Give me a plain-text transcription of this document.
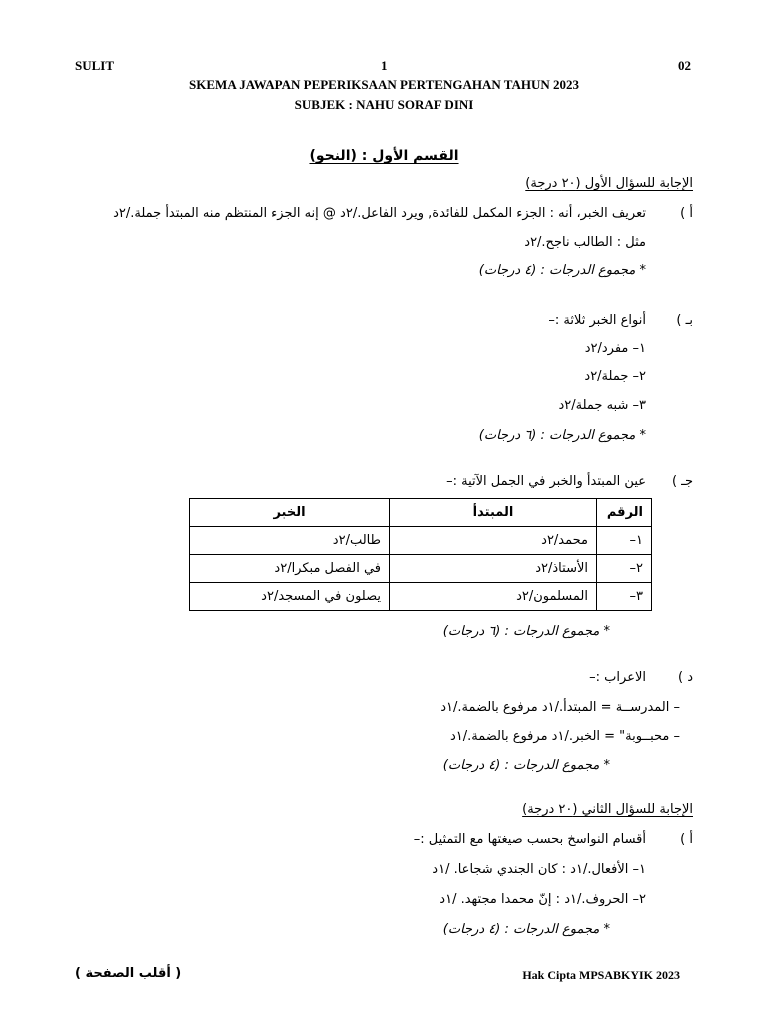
SULIT	1	02
SKEMA JAWAPAN PEPERIKSAAN PERTENGAHAN TAHUN 2023
SUBJEK : NAHU SORAF DINI
القسم الأول : (النحو)
الإجابة للسؤال الأول (٢٠ درجة)
أ )
تعريف الخبر، أنه : الجزء المكمل للفائدة, ويرد الفاعل./٢د @ إنه الجزء المنتظم منه المبتدأ جملة./٢د
مثل : الطالب ناجح./٢د
* مجموع الدرجات : (٤ درجات)
بـ )
أنواع الخبر ثلاثة :–
١– مفرد/٢د
٢– جملة/٢د
٣– شبه جملة/٢د
* مجموع الدرجات : (٦ درجات)
جـ )
عين المبتدأ والخبر في الجمل الآتية :–
الرقم	المبتدأ	الخبر
١–	محمد/٢د	طالب/٢د
٢–	الأستاذ/٢د	في الفصل مبكرا/٢د
٣–	المسلمون/٢د	يصلون في المسجد/٢د
* مجموع الدرجات : (٦ درجات)
د )
الاعراب :–
– المدرســة = المبتدأ./١د مرفوع بالضمة./١د
– محبــوبة" = الخبر./١د مرفوع بالضمة./١د
* مجموع الدرجات : (٤ درجات)
الإجابة للسؤال الثاني (٢٠ درجة)
أ )
أقسام النواسخ بحسب صيغتها مع التمثيل :–
١– الأفعال./١د : كان الجندي شجاعا. /١د
٢– الحروف./١د : إنّ محمدا مجتهد. /١د
* مجموع الدرجات : (٤ درجات)
( أقلب الصفحة )	Hak Cipta MPSABKYIK 2023
